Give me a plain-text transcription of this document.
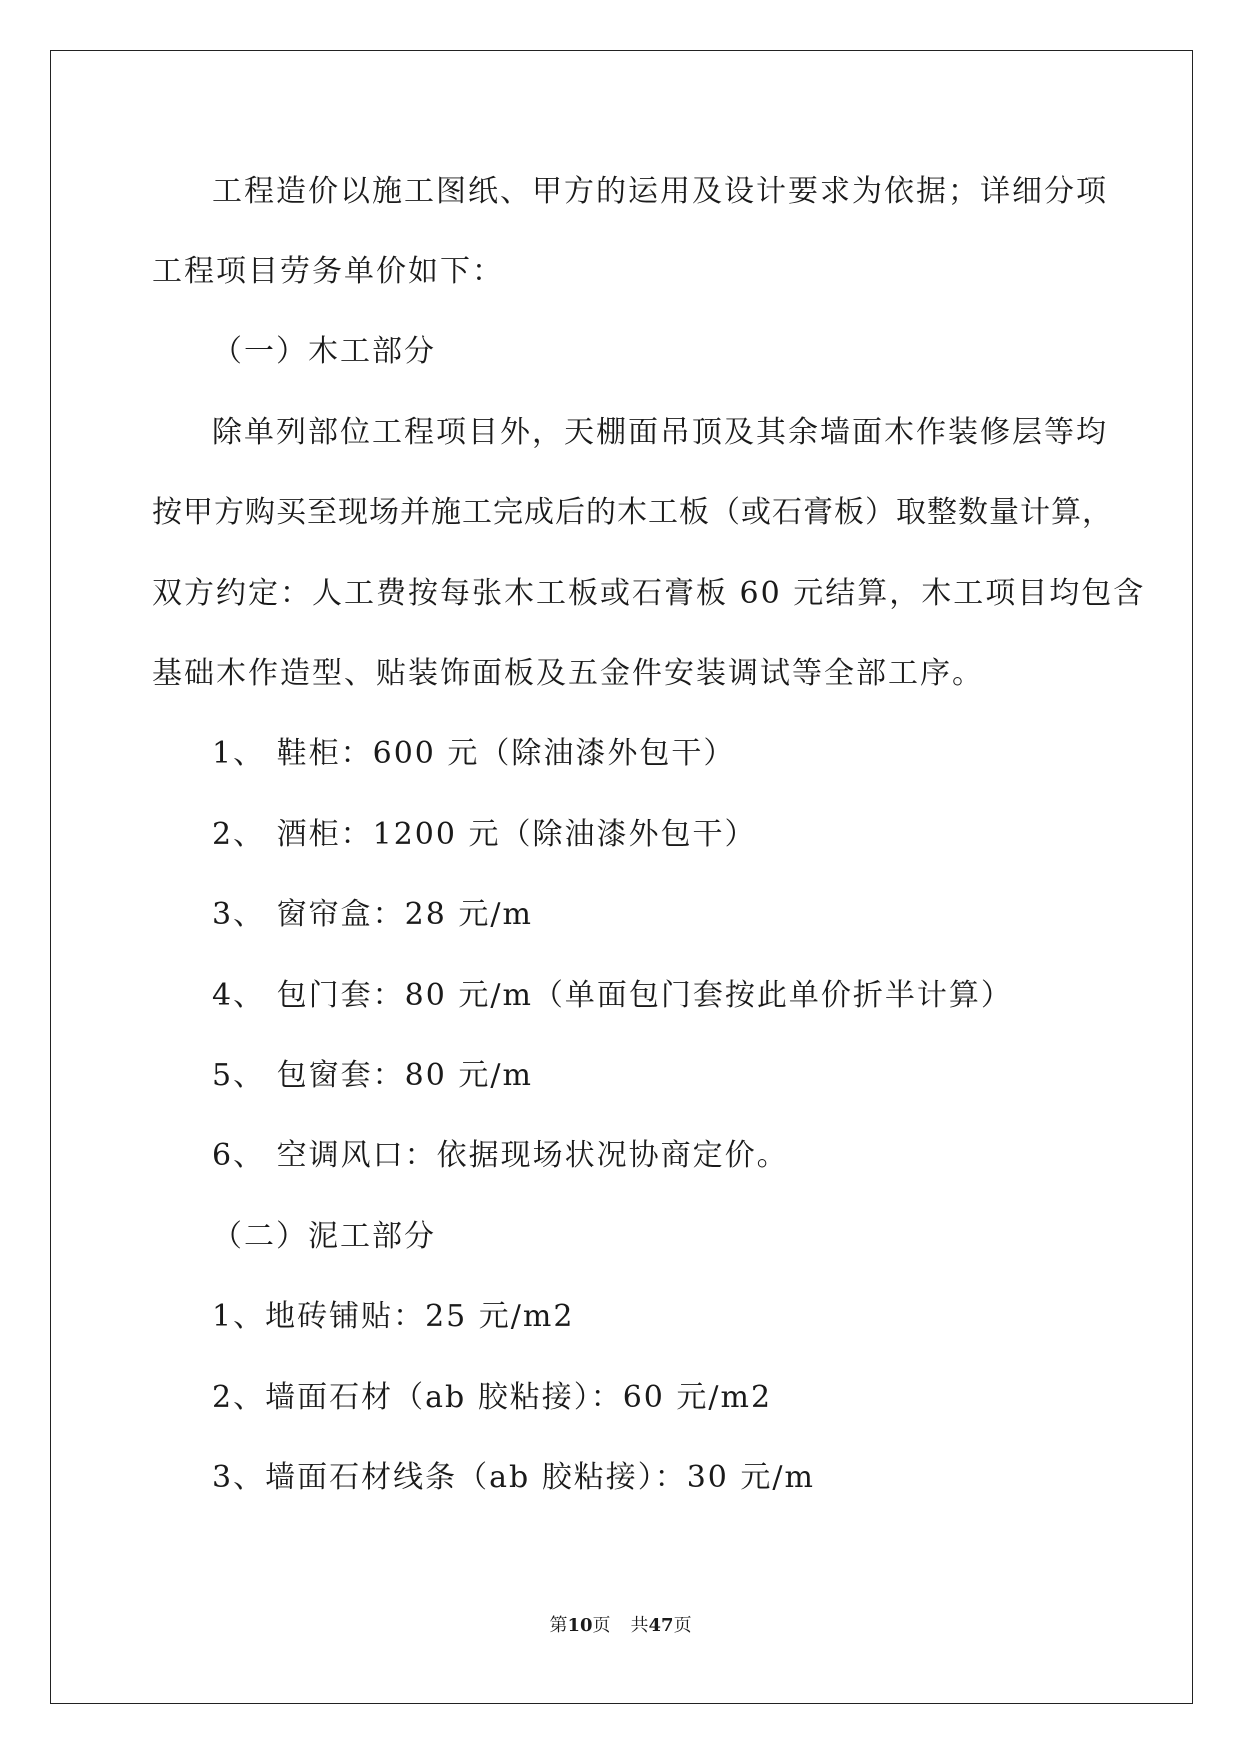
工程造价以施工图纸、甲方的运用及设计要求为依据；详细分项
工程项目劳务单价如下：
（一）木工部分
除单列部位工程项目外，天棚面吊顶及其余墙面木作装修层等均
按甲方购买至现场并施工完成后的木工板（或石膏板）取整数量计算，
双方约定：人工费按每张木工板或石膏板 60 元结算，木工项目均包含
基础木作造型、贴装饰面板及五金件安装调试等全部工序。
1、 鞋柜：600 元（除油漆外包干）
2、 酒柜：1200 元（除油漆外包干）
3、 窗帘盒：28 元/m
4、 包门套：80 元/m（单面包门套按此单价折半计算）
5、 包窗套：80 元/m
6、 空调风口：依据现场状况协商定价。
（二）泥工部分
1、地砖铺贴：25 元/m2
2、墙面石材（ab 胶粘接）：60 元/m2
3、墙面石材线条（ab 胶粘接）：30 元/m
第10页 共47页
